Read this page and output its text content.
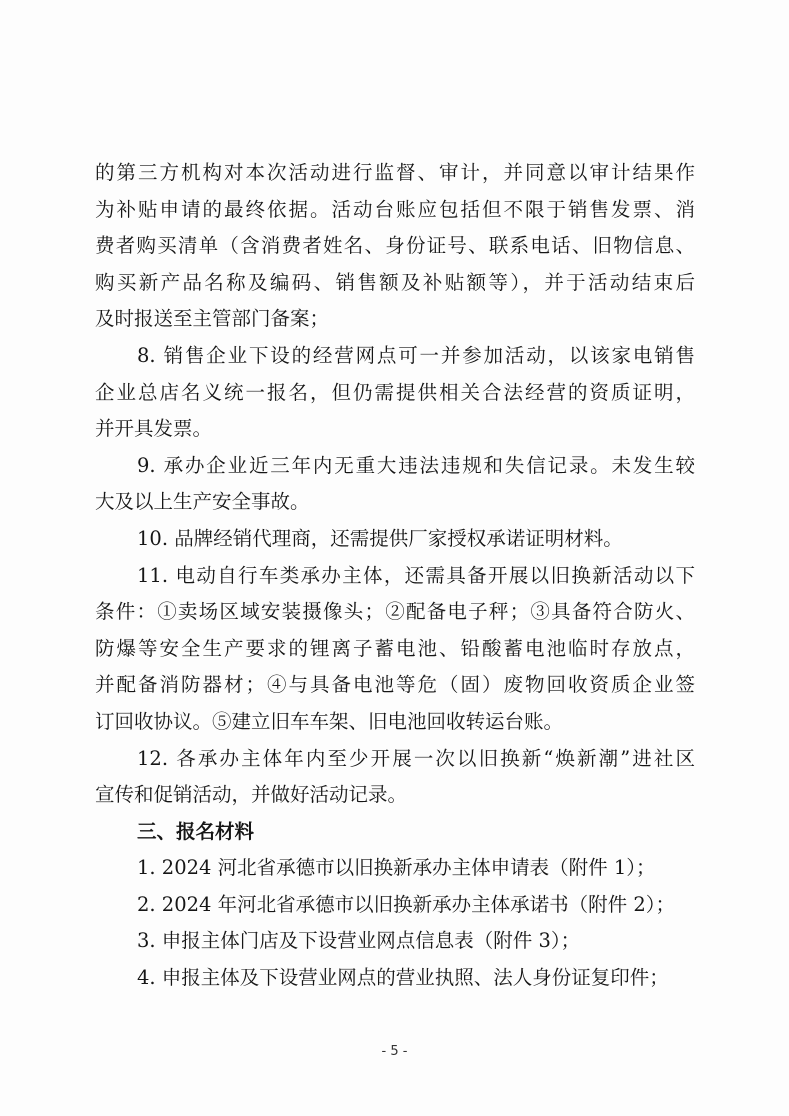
的第三方机构对本次活动进行监督、审计，并同意以审计结果作
为补贴申请的最终依据。活动台账应包括但不限于销售发票、消
费者购买清单（含消费者姓名、身份证号、联系电话、旧物信息、
购买新产品名称及编码、销售额及补贴额等），并于活动结束后
及时报送至主管部门备案；
8. 销售企业下设的经营网点可一并参加活动，以该家电销售
企业总店名义统一报名，但仍需提供相关合法经营的资质证明，
并开具发票。
9. 承办企业近三年内无重大违法违规和失信记录。未发生较
大及以上生产安全事故。
10. 品牌经销代理商，还需提供厂家授权承诺证明材料。
11. 电动自行车类承办主体，还需具备开展以旧换新活动以下
条件：①卖场区域安装摄像头；②配备电子秤；③具备符合防火、
防爆等安全生产要求的锂离子蓄电池、铅酸蓄电池临时存放点，
并配备消防器材；④与具备电池等危（固）废物回收资质企业签
订回收协议。⑤建立旧车车架、旧电池回收转运台账。
12. 各承办主体年内至少开展一次以旧换新“焕新潮”进社区
宣传和促销活动，并做好活动记录。
三、报名材料
1. 2024 河北省承德市以旧换新承办主体申请表（附件 1）；
2. 2024 年河北省承德市以旧换新承办主体承诺书（附件 2）；
3. 申报主体门店及下设营业网点信息表（附件 3）；
4. 申报主体及下设营业网点的营业执照、法人身份证复印件；
- 5 -
